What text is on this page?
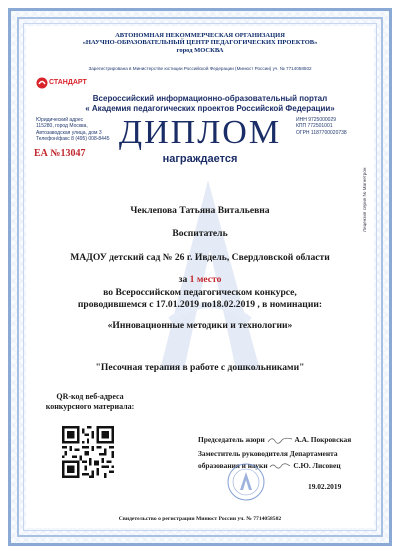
АВТОНОМНАЯ НЕКОММЕРЧЕСКАЯ ОРГАНИЗАЦИЯ
«НАУЧНО-ОБРАЗОВАТЕЛЬНЫЙ ЦЕНТР ПЕДАГОГИЧЕСКИХ ПРОЕКТОВ»
город МОСКВА
Зарегистрирована в Министерстве юстиции Российской Федерации (Минюст России) уч. № 7714058502
СТАНДАРТ
Всероссийский информационно-образовательный портал
« Академия педагогических проектов Российской Федерации»
Юридический адрес
115280, город Москва,
Автозаводская улица, дом 3
Телефон/факс 8 (495) 008-8445
ИНН 9725000029
КПП 772501001
ОГРН 1187700020738
ЕА №13047
ДИПЛОМ
награждается
Чеклепова Татьяна Витальевна
Воспитатель
МАДОУ детский сад № 26 г. Ивдель, Свердловской области
за 1 место
во Всероссийском педагогическом конкурсе,
проводившемся с 17.01.2019 по18.02.2019 , в номинации:
«Инновационные методики и технологии»
"Песочная терапия в работе с дошкольниками"
QR-код веб-адреса
конкурсного материала:
Председатель жюри	А.А. Покровская
Заместитель руководителя Департамента
образования и науки	С.Ю. Лисовец
19.02.2019
Лицензия серия № Магнетрон
Свидетельство о регистрации Минюст России уч. № 7714058502
